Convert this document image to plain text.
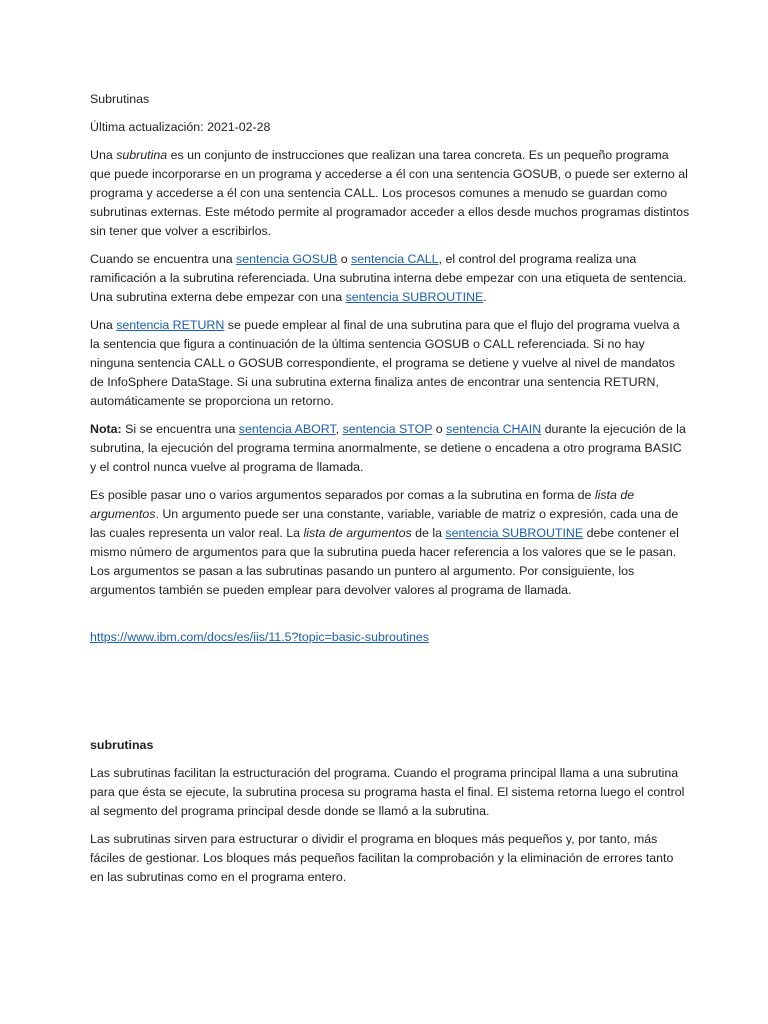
Subrutinas

Última actualización: 2021-02-28

Una subrutina es un conjunto de instrucciones que realizan una tarea concreta. Es un pequeño programa que puede incorporarse en un programa y accederse a él con una sentencia GOSUB, o puede ser externo al programa y accederse a él con una sentencia CALL. Los procesos comunes a menudo se guardan como subrutinas externas. Este método permite al programador acceder a ellos desde muchos programas distintos sin tener que volver a escribirlos.

Cuando se encuentra una sentencia GOSUB o sentencia CALL, el control del programa realiza una ramificación a la subrutina referenciada. Una subrutina interna debe empezar con una etiqueta de sentencia. Una subrutina externa debe empezar con una sentencia SUBROUTINE.

Una sentencia RETURN se puede emplear al final de una subrutina para que el flujo del programa vuelva a la sentencia que figura a continuación de la última sentencia GOSUB o CALL referenciada. Si no hay ninguna sentencia CALL o GOSUB correspondiente, el programa se detiene y vuelve al nivel de mandatos de InfoSphere DataStage. Si una subrutina externa finaliza antes de encontrar una sentencia RETURN, automáticamente se proporciona un retorno.

Nota: Si se encuentra una sentencia ABORT, sentencia STOP o sentencia CHAIN durante la ejecución de la subrutina, la ejecución del programa termina anormalmente, se detiene o encadena a otro programa BASIC y el control nunca vuelve al programa de llamada.

Es posible pasar uno o varios argumentos separados por comas a la subrutina en forma de lista de argumentos. Un argumento puede ser una constante, variable, variable de matriz o expresión, cada una de las cuales representa un valor real. La lista de argumentos de la sentencia SUBROUTINE debe contener el mismo número de argumentos para que la subrutina pueda hacer referencia a los valores que se le pasan. Los argumentos se pasan a las subrutinas pasando un puntero al argumento. Por consiguiente, los argumentos también se pueden emplear para devolver valores al programa de llamada.

https://www.ibm.com/docs/es/iis/11.5?topic=basic-subroutines

subrutinas

Las subrutinas facilitan la estructuración del programa. Cuando el programa principal llama a una subrutina para que ésta se ejecute, la subrutina procesa su programa hasta el final. El sistema retorna luego el control al segmento del programa principal desde donde se llamó a la subrutina.

Las subrutinas sirven para estructurar o dividir el programa en bloques más pequeños y, por tanto, más fáciles de gestionar. Los bloques más pequeños facilitan la comprobación y la eliminación de errores tanto en las subrutinas como en el programa entero.
